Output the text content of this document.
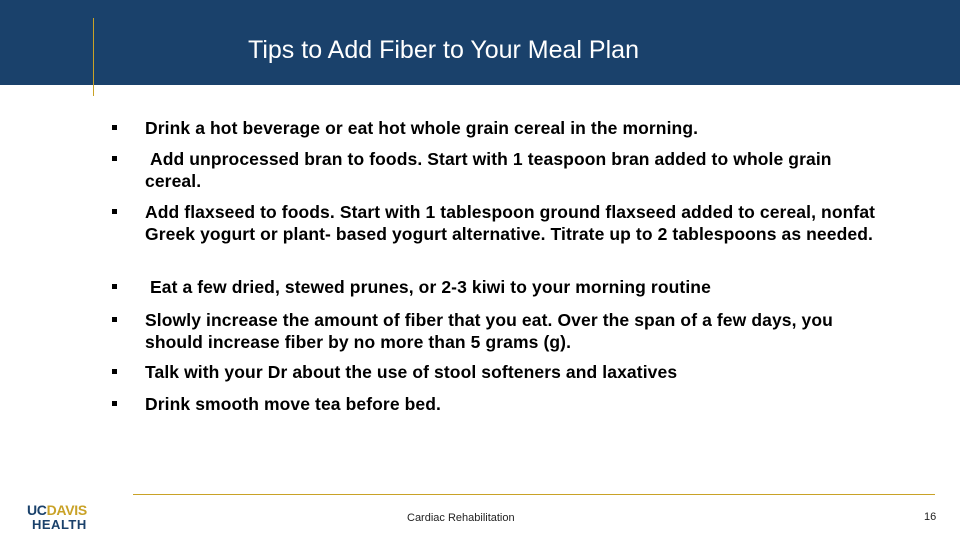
Tips to Add Fiber to Your Meal Plan
Drink a hot beverage or eat hot whole grain cereal in the morning.
Add unprocessed bran to foods. Start with 1 teaspoon bran added to whole grain cereal.
Add flaxseed to foods. Start with 1 tablespoon ground flaxseed added to cereal, nonfat Greek yogurt or plant- based yogurt alternative. Titrate up to 2 tablespoons as needed.
Eat a few dried, stewed prunes, or 2-3 kiwi to your morning routine
Slowly increase the amount of fiber that you eat. Over the span of a few days, you should increase fiber by no more than 5 grams (g).
Talk with your Dr about the use of stool softeners and laxatives
Drink smooth move tea before bed.
UCDAVIS
HEALTH	Cardiac Rehabilitation	16
